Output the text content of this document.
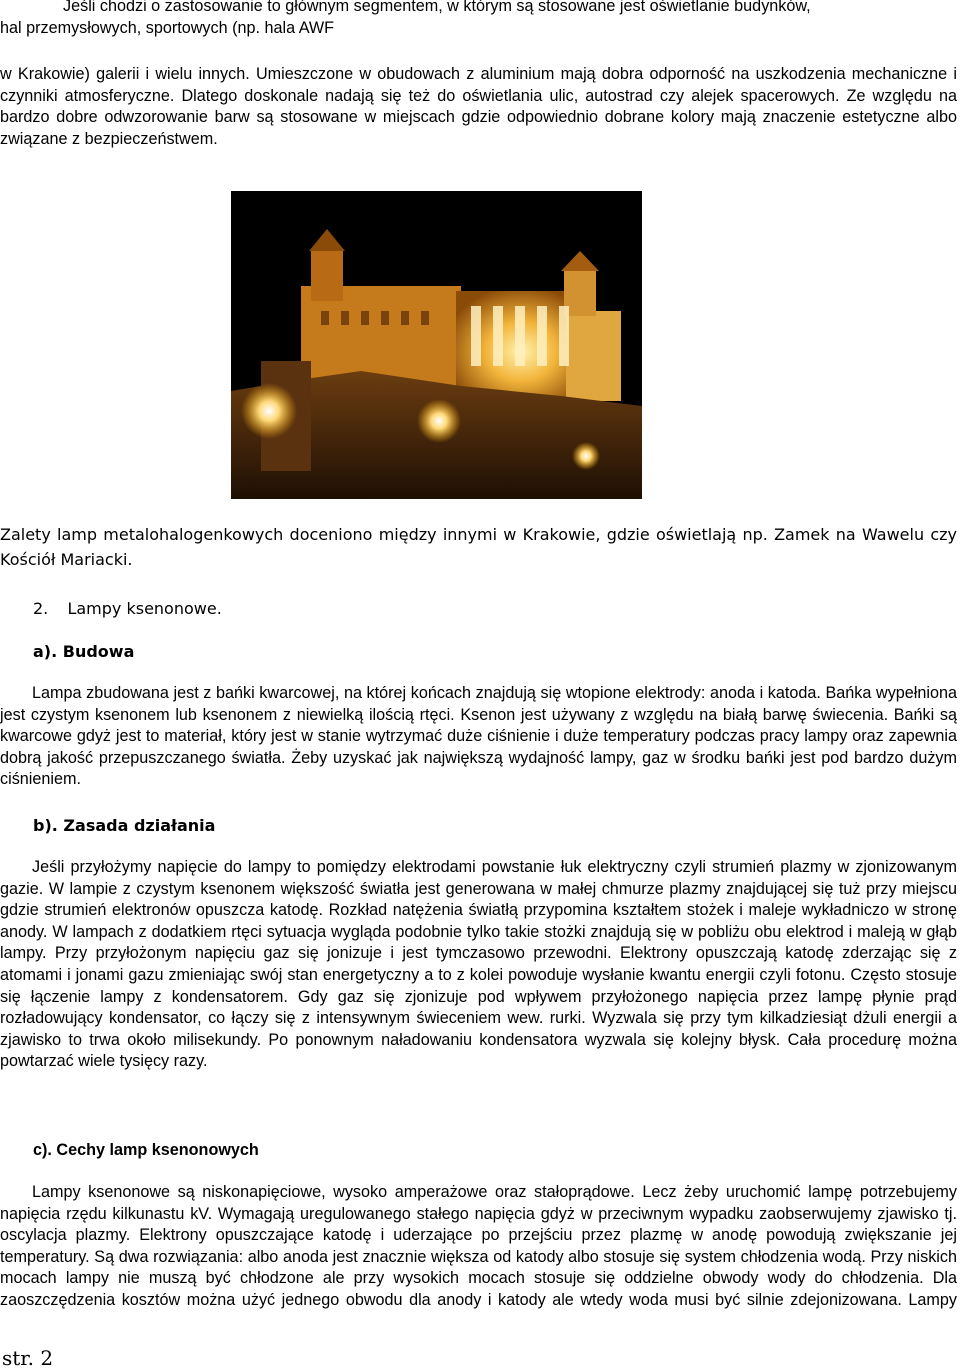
Jeśli chodzi o zastosowanie to głównym segmentem, w którym są stosowane jest oświetlanie budynków,

hal przemysłowych, sportowych (np. hala AWF

w Krakowie) galerii i wielu innych. Umieszczone w obudowach z aluminium mają dobra odporność na uszkodzenia mechaniczne i czynniki atmosferyczne. Dlatego doskonale nadają się też do oświetlania ulic, autostrad czy alejek spacerowych. Ze względu na bardzo dobre odwzorowanie barw są stosowane w miejscach gdzie odpowiednio dobrane kolory mają znaczenie estetyczne albo związane z bezpieczeństwem.

Zalety lamp metalohalogenkowych doceniono między innymi w Krakowie, gdzie oświetlają np. Zamek na Wawelu czy Kościół Mariacki.

2. Lampy ksenonowe.
a). Budowa

Lampa zbudowana jest z bańki kwarcowej, na której końcach znajdują się wtopione elektrody: anoda i katoda. Bańka wypełniona jest czystym ksenonem lub ksenonem z niewielką ilością rtęci. Ksenon jest używany z względu na białą barwę świecenia. Bańki są kwarcowe gdyż jest to materiał, który jest w stanie wytrzymać duże ciśnienie i duże temperatury podczas pracy lampy oraz zapewnia dobrą jakość przepuszczanego światła. Żeby uzyskać jak największą wydajność lampy, gaz w środku bańki jest pod bardzo dużym ciśnieniem.

b). Zasada działania

Jeśli przyłożymy napięcie do lampy to pomiędzy elektrodami powstanie łuk elektryczny czyli strumień plazmy w zjonizowanym gazie. W lampie z czystym ksenonem większość światła jest generowana w małej chmurze plazmy znajdującej się tuż przy miejscu gdzie strumień elektronów opuszcza katodę. Rozkład natężenia światłą przypomina kształtem stożek i maleje wykładniczo w stronę anody. W lampach z dodatkiem rtęci sytuacja wygląda podobnie tylko takie stożki znajdują się w pobliżu obu elektrod i maleją w głąb lampy. Przy przyłożonym napięciu gaz się jonizuje i jest tymczasowo przewodni. Elektrony opuszczają katodę zderzając się z atomami i jonami gazu zmieniając swój stan energetyczny a to z kolei powoduje wysłanie kwantu energii czyli fotonu. Często stosuje się łączenie lampy z kondensatorem. Gdy gaz się zjonizuje pod wpływem przyłożonego napięcia przez lampę płynie prąd rozładowujący kondensator, co łączy się z intensywnym świeceniem wew. rurki. Wyzwala się przy tym kilkadziesiąt dżuli energii a zjawisko to trwa około milisekundy. Po ponownym naładowaniu kondensatora wyzwala się kolejny błysk. Cała procedurę można powtarzać wiele tysięcy razy.

c). Cechy lamp ksenonowych

Lampy ksenonowe są niskonapięciowe, wysoko amperażowe oraz stałoprądowe. Lecz żeby uruchomić lampę potrzebujemy napięcia rzędu kilkunastu kV. Wymagają uregulowanego stałego napięcia gdyż w przeciwnym wypadku zaobserwujemy zjawisko tj. oscylacja plazmy. Elektrony opuszczające katodę i uderzające po przejściu przez plazmę w anodę powodują zwiększanie jej temperatury. Są dwa rozwiązania: albo anoda jest znacznie większa od katody albo stosuje się system chłodzenia wodą. Przy niskich mocach lampy nie muszą być chłodzone ale przy wysokich mocach stosuje się oddzielne obwody wody do chłodzenia. Dla zaoszczędzenia kosztów można użyć jednego obwodu dla anody i katody ale wtedy woda musi być silnie zdejonizowana. Lampy

str. 2
